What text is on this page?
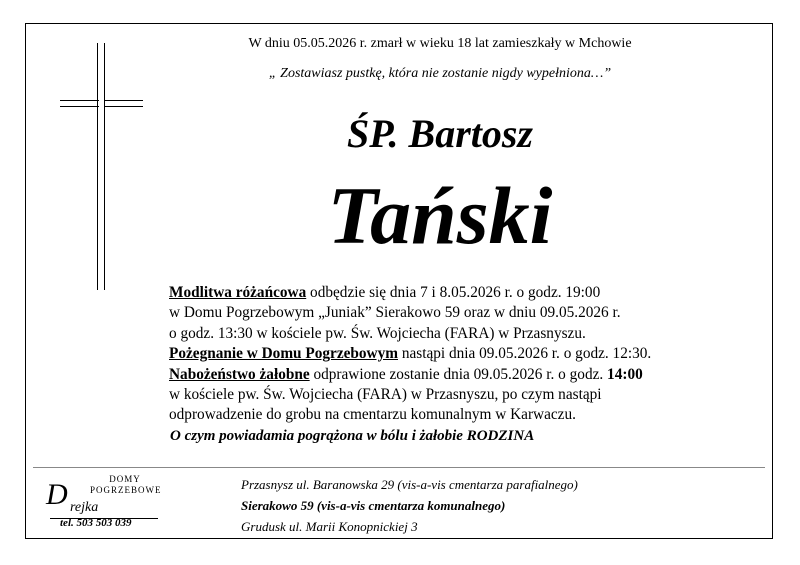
W dniu 05.05.2026 r. zmarł w wieku 18 lat zamieszkały w Mchowie
„ Zostawiasz pustkę, która nie zostanie nigdy wypełniona…”
ŚP. Bartosz
Tański
Modlitwa różańcowa odbędzie się dnia 7 i 8.05.2026 r. o godz. 19:00
w Domu Pogrzebowym „Juniak” Sierakowo 59 oraz w dniu 09.05.2026 r.
o godz. 13:30 w kościele pw. Św. Wojciecha (FARA) w Przasnyszu.
Pożegnanie w Domu Pogrzebowym nastąpi dnia 09.05.2026 r. o godz. 12:30.
Nabożeństwo żałobne odprawione zostanie dnia 09.05.2026 r. o godz. 14:00
w kościele pw. Św. Wojciecha (FARA) w Przasnyszu, po czym nastąpi
odprowadzenie do grobu na cmentarzu komunalnym w Karwaczu.
O czym powiadamia pogrążona w bólu i żałobie RODZINA
DOMY
POGRZEBOWE
D rejka
tel. 503 503 039
Przasnysz ul. Baranowska 29 (vis-a-vis cmentarza parafialnego)
Sierakowo 59 (vis-a-vis cmentarza komunalnego)
Grudusk ul. Marii Konopnickiej 3
